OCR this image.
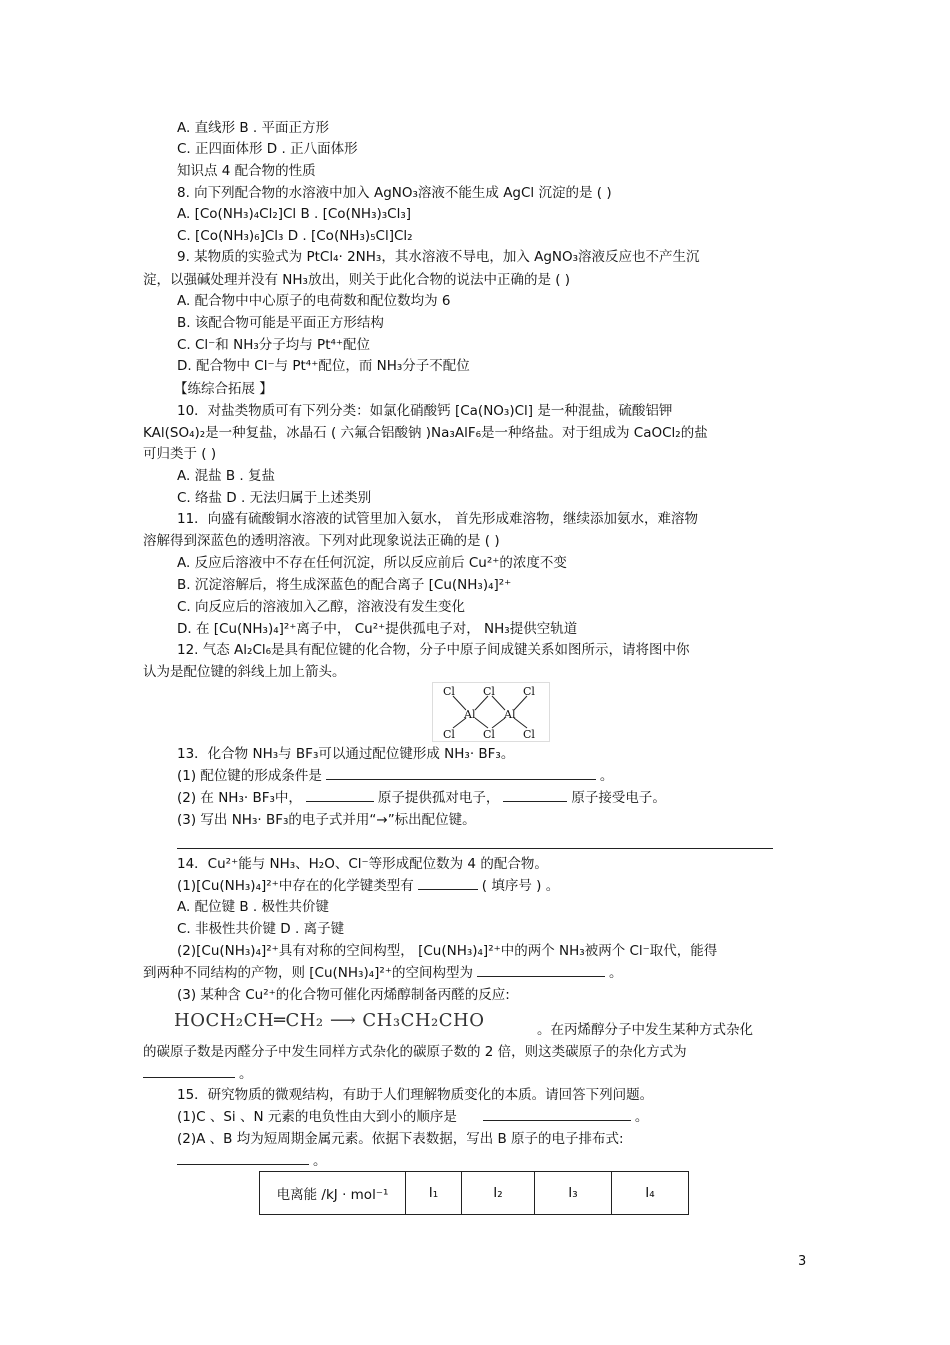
A. 直线形 B . 平面正方形
C. 正四面体形 D . 正八面体形
知识点 4 配合物的性质
8. 向下列配合物的水溶液中加入 AgNO₃溶液不能生成 AgCl 沉淀的是 ( )
A. [Co(NH₃)₄Cl₂]Cl B . [Co(NH₃)₃Cl₃]
C. [Co(NH₃)₆]Cl₃ D . [Co(NH₃)₅Cl]Cl₂
9. 某物质的实验式为 PtCl₄· 2NH₃，其水溶液不导电，加入 AgNO₃溶液反应也不产生沉
淀，以强碱处理并没有 NH₃放出，则关于此化合物的说法中正确的是 ( )
A. 配合物中中心原子的电荷数和配位数均为 6
B. 该配合物可能是平面正方形结构
C. Cl⁻和 NH₃分子均与 Pt⁴⁺配位
D. 配合物中 Cl⁻与 Pt⁴⁺配位，而 NH₃分子不配位
【练综合拓展 】
10．对盐类物质可有下列分类：如氯化硝酸钙 [Ca(NO₃)Cl] 是一种混盐，硫酸铝钾
KAl(SO₄)₂是一种复盐，冰晶石 ( 六氟合铝酸钠 )Na₃AlF₆是一种络盐。对于组成为 CaOCl₂的盐
可归类于 ( )
A. 混盐 B . 复盐
C. 络盐 D . 无法归属于上述类别
11．向盛有硫酸铜水溶液的试管里加入氨水， 首先形成难溶物，继续添加氨水，难溶物
溶解得到深蓝色的透明溶液。下列对此现象说法正确的是 ( )
A. 反应后溶液中不存在任何沉淀，所以反应前后 Cu²⁺的浓度不变
B. 沉淀溶解后，将生成深蓝色的配合离子 [Cu(NH₃)₄]²⁺
C. 向反应后的溶液加入乙醇，溶液没有发生变化
D. 在 [Cu(NH₃)₄]²⁺离子中， Cu²⁺提供孤电子对， NH₃提供空轨道
12. 气态 Al₂Cl₆是具有配位键的化合物，分子中原子间成键关系如图所示，请将图中你
认为是配位键的斜线上加上箭头。
Cl	Cl	Cl
Al	Al
Cl	Cl	Cl
13．化合物 NH₃与 BF₃可以通过配位键形成 NH₃· BF₃。
(1) 配位键的形成条件是	。
(2) 在 NH₃· BF₃中，	原子提供孤对电子，	原子接受电子。
(3) 写出 NH₃· BF₃的电子式并用“→”标出配位键。
14．Cu²⁺能与 NH₃、H₂O、Cl⁻等形成配位数为 4 的配合物。
(1)[Cu(NH₃)₄]²⁺中存在的化学键类型有	( 填序号 ) 。
A. 配位键 B . 极性共价键
C. 非极性共价键 D . 离子键
(2)[Cu(NH₃)₄]²⁺具有对称的空间构型， [Cu(NH₃)₄]²⁺中的两个 NH₃被两个 Cl⁻取代，能得
到两种不同结构的产物，则 [Cu(NH₃)₄]²⁺的空间构型为	。
(3) 某种含 Cu²⁺的化合物可催化丙烯醇制备丙醛的反应:
HOCH₂CH═CH₂ ⟶ CH₃CH₂CHO	。在丙烯醇分子中发生某种方式杂化
的碳原子数是丙醛分子中发生同样方式杂化的碳原子数的 2 倍，则这类碳原子的杂化方式为
。
15．研究物质的微观结构，有助于人们理解物质变化的本质。请回答下列问题。
(1)C 、Si 、N 元素的电负性由大到小的顺序是	。
(2)A 、B 均为短周期金属元素。依据下表数据，写出 B 原子的电子排布式:
。
电离能 /kJ · mol⁻¹	I₁	I₂	I₃	I₄
3
